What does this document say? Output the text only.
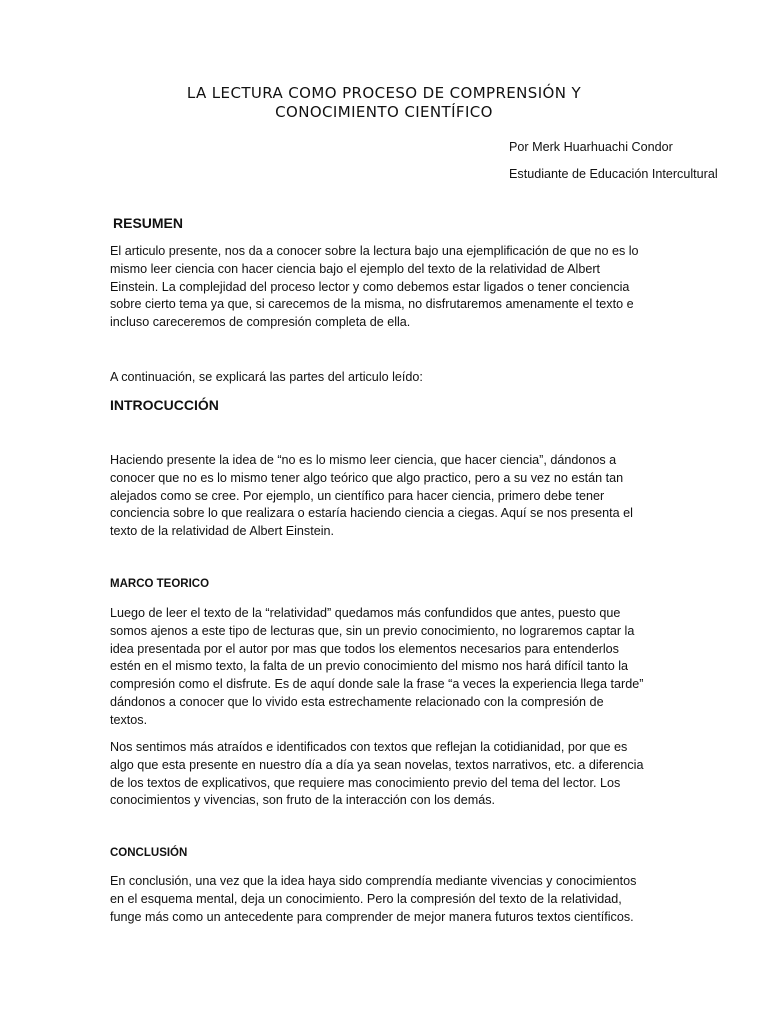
LA LECTURA COMO PROCESO DE COMPRENSIÓN Y
CONOCIMIENTO CIENTÍFICO
Por Merk Huarhuachi Condor
Estudiante de Educación Intercultural
RESUMEN
El articulo presente, nos da a conocer sobre la lectura bajo una ejemplificación de que no es lo
mismo leer ciencia con hacer ciencia bajo el ejemplo del texto de la relatividad de Albert
Einstein. La complejidad del proceso lector y como debemos estar ligados o tener conciencia
sobre cierto tema ya que, si carecemos de la misma, no disfrutaremos amenamente el texto e
incluso careceremos de compresión completa de ella.
A continuación, se explicará las partes del articulo leído:
INTROCUCCIÓN
Haciendo presente la idea de “no es lo mismo leer ciencia, que hacer ciencia”, dándonos a
conocer que no es lo mismo tener algo teórico que algo practico, pero a su vez no están tan
alejados como se cree. Por ejemplo, un científico para hacer ciencia, primero debe tener
conciencia sobre lo que realizara o estaría haciendo ciencia a ciegas. Aquí se nos presenta el
texto de la relatividad de Albert Einstein.
MARCO TEORICO
Luego de leer el texto de la “relatividad” quedamos más confundidos que antes, puesto que
somos ajenos a este tipo de lecturas que, sin un previo conocimiento, no lograremos captar la
idea presentada por el autor por mas que todos los elementos necesarios para entenderlos
estén en el mismo texto, la falta de un previo conocimiento del mismo nos hará difícil tanto la
compresión como el disfrute. Es de aquí donde sale la frase “a veces la experiencia llega tarde”
dándonos a conocer que lo vivido esta estrechamente relacionado con la compresión de
textos.
Nos sentimos más atraídos e identificados con textos que reflejan la cotidianidad, por que es
algo que esta presente en nuestro día a día ya sean novelas, textos narrativos, etc. a diferencia
de los textos de explicativos, que requiere mas conocimiento previo del tema del lector. Los
conocimientos y vivencias, son fruto de la interacción con los demás.
CONCLUSIÓN
En conclusión, una vez que la idea haya sido comprendía mediante vivencias y conocimientos
en el esquema mental, deja un conocimiento. Pero la compresión del texto de la relatividad,
funge más como un antecedente para comprender de mejor manera futuros textos científicos.
